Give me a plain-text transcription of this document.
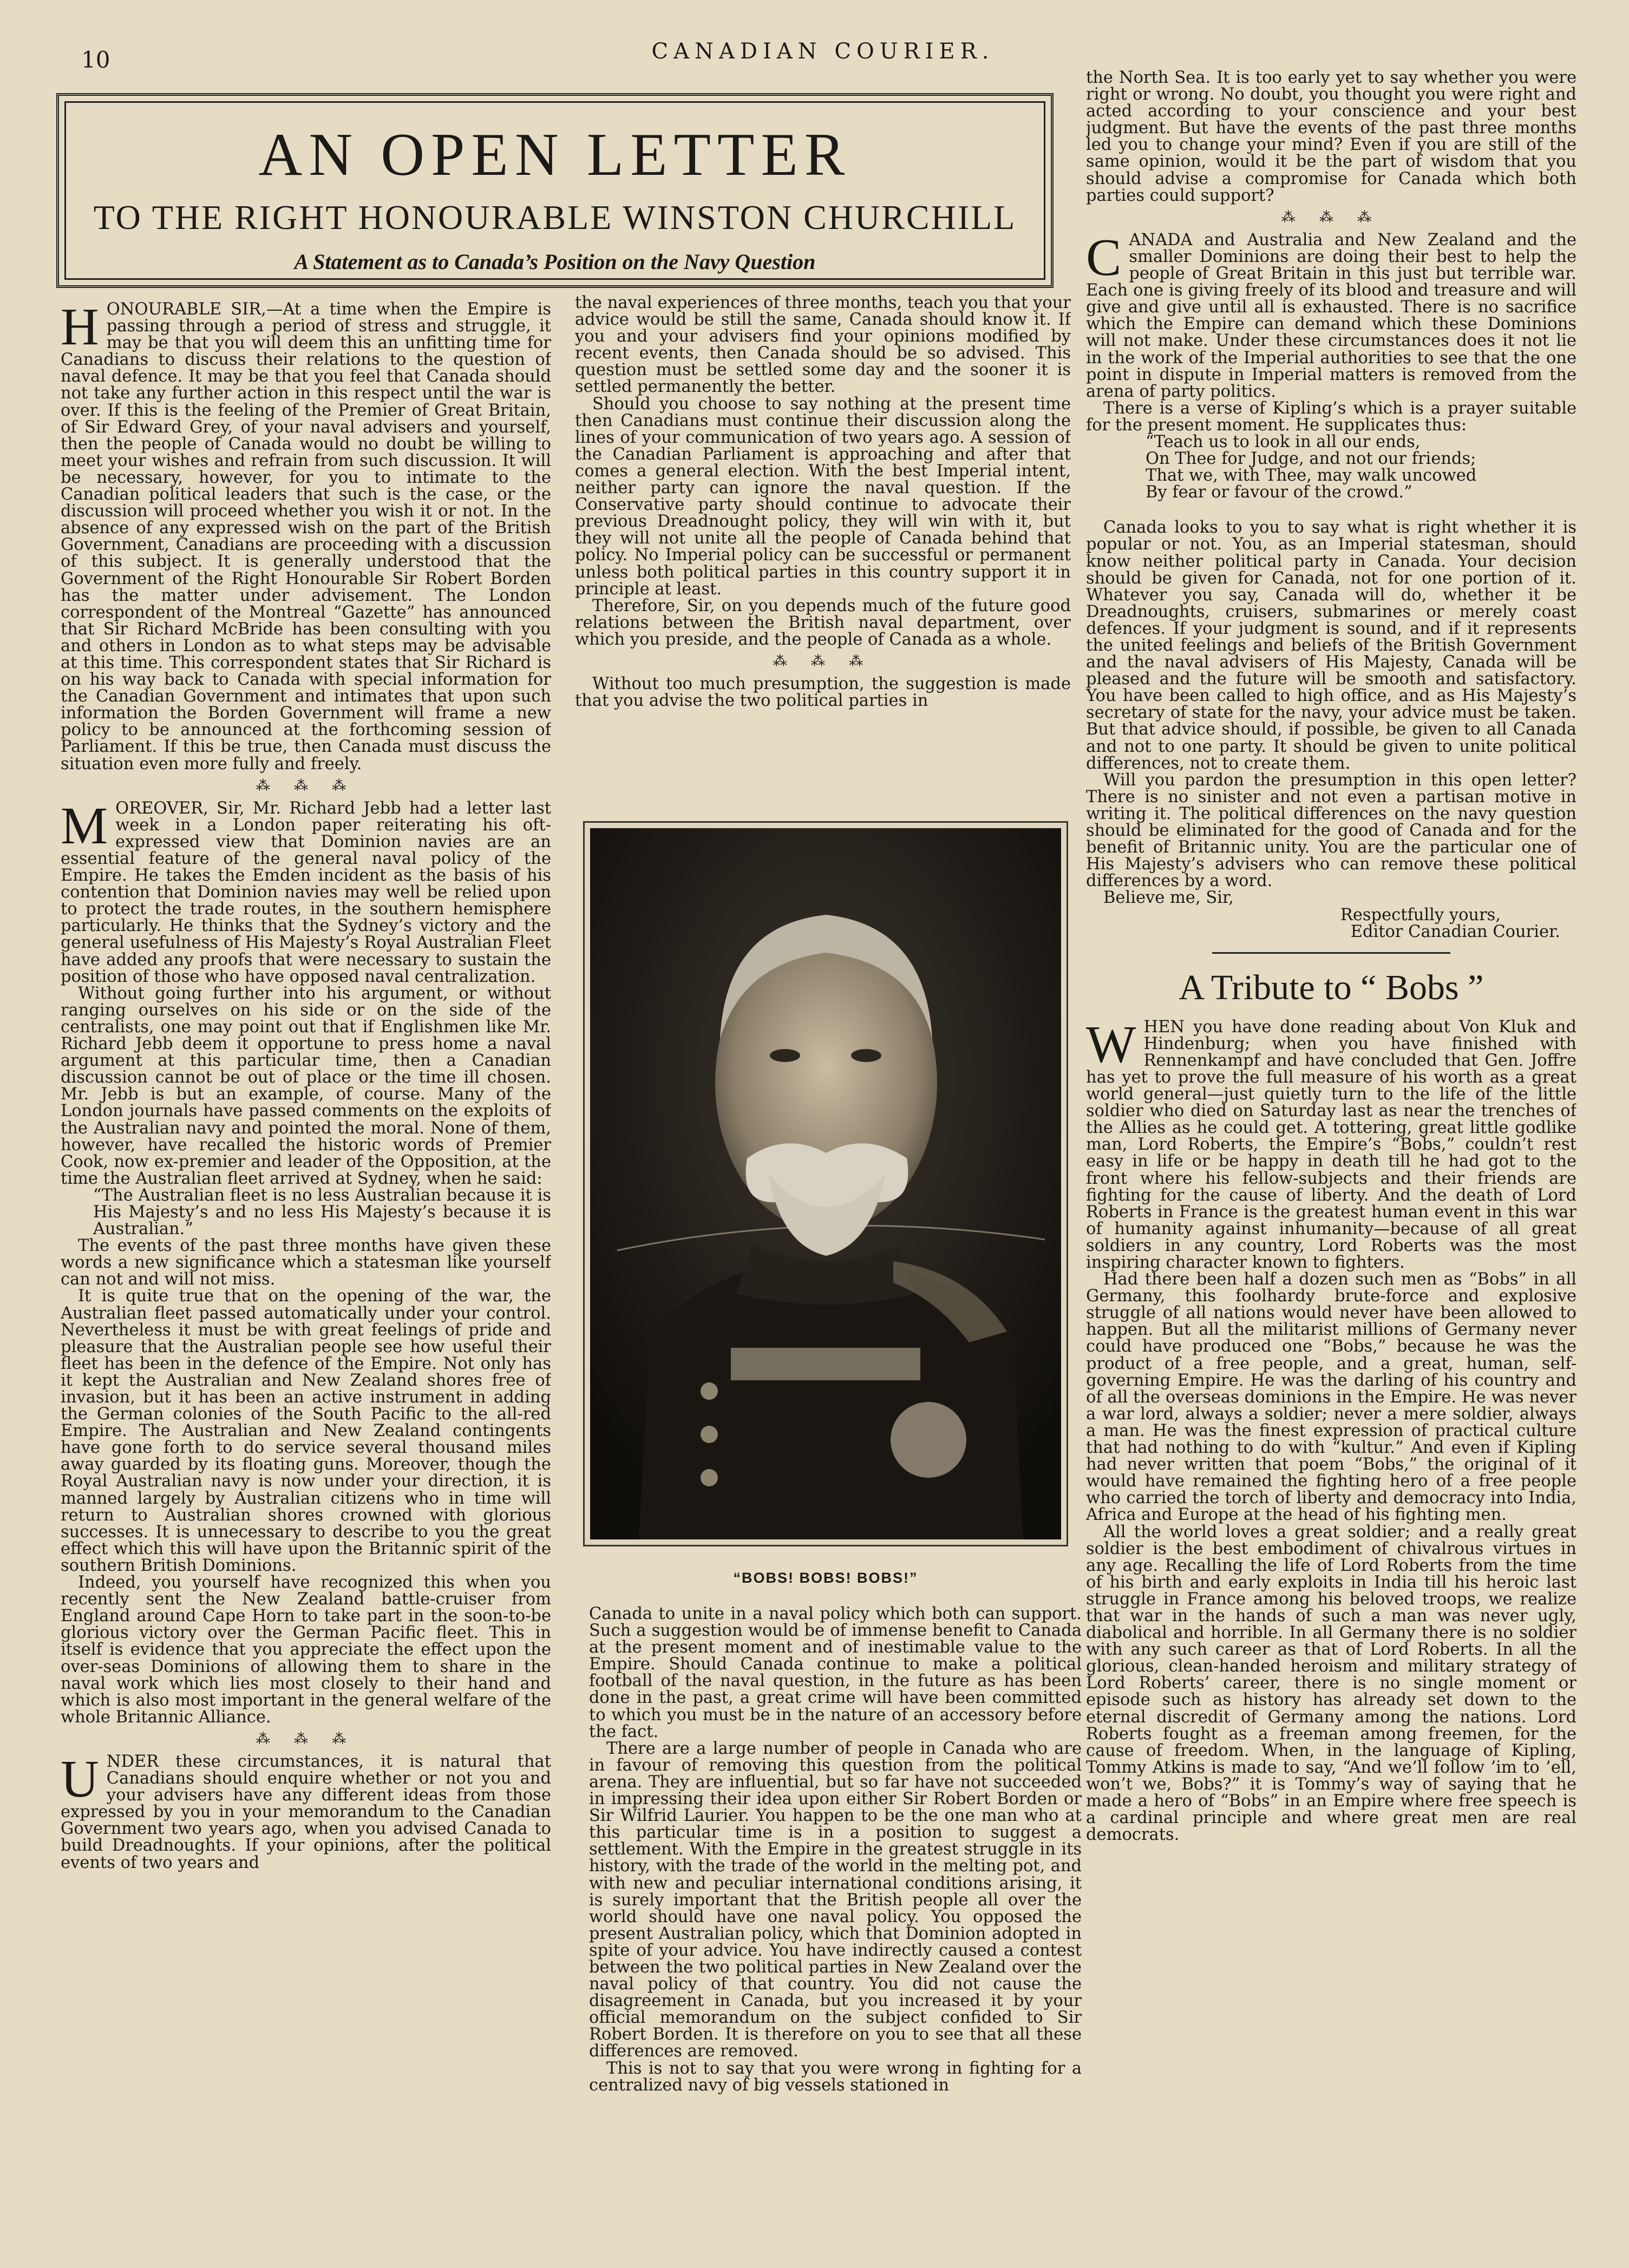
10	CANADIAN COURIER.
AN OPEN LETTER
TO THE RIGHT HONOURABLE WINSTON CHURCHILL
A Statement as to Canada’s Position on the Navy Question

HONOURABLE SIR,—At a time when the Empire is passing through a period of stress and struggle, it may be that you will deem this an unfitting time for Canadians to discuss their relations to the question of naval defence. It may be that you feel that Canada should not take any further action in this respect until the war is over. If this is the feeling of the Premier of Great Britain, of Sir Edward Grey, of your naval advisers and yourself, then the people of Canada would no doubt be willing to meet your wishes and refrain from such discussion. It will be necessary, however, for you to intimate to the Canadian political leaders that such is the case, or the discussion will proceed whether you wish it or not. In the absence of any expressed wish on the part of the British Government, Canadians are proceeding with a discussion of this subject. It is generally understood that the Government of the Right Honourable Sir Robert Borden has the matter under advisement. The London correspondent of the Montreal “Gazette” has announced that Sir Richard McBride has been consulting with you and others in London as to what steps may be advisable at this time. This correspondent states that Sir Richard is on his way back to Canada with special information for the Canadian Government and intimates that upon such information the Borden Government will frame a new policy to be announced at the forthcoming session of Parliament. If this be true, then Canada must discuss the situation even more fully and freely.

⁂ ⁂ ⁂

MOREOVER, Sir, Mr. Richard Jebb had a letter last week in a London paper reiterating his oft-expressed view that Dominion navies are an essential feature of the general naval policy of the Empire. He takes the Emden incident as the basis of his contention that Dominion navies may well be relied upon to protect the trade routes, in the southern hemisphere particularly. He thinks that the Sydney’s victory and the general usefulness of His Majesty’s Royal Australian Fleet have added any proofs that were necessary to sustain the position of those who have opposed naval centralization.

Without going further into his argument, or without ranging ourselves on his side or on the side of the centralists, one may point out that if Englishmen like Mr. Richard Jebb deem it opportune to press home a naval argument at this particular time, then a Canadian discussion cannot be out of place or the time ill chosen. Mr. Jebb is but an example, of course. Many of the London journals have passed comments on the exploits of the Australian navy and pointed the moral. None of them, however, have recalled the historic words of Premier Cook, now ex-premier and leader of the Opposition, at the time the Australian fleet arrived at Sydney, when he said:

“The Australian fleet is no less Australian because it is His Majesty’s and no less His Majesty’s because it is Australian.”

The events of the past three months have given these words a new significance which a statesman like yourself can not and will not miss.

It is quite true that on the opening of the war, the Australian fleet passed automatically under your control. Nevertheless it must be with great feelings of pride and pleasure that the Australian people see how useful their fleet has been in the defence of the Empire. Not only has it kept the Australian and New Zealand shores free of invasion, but it has been an active instrument in adding the German colonies of the South Pacific to the all-red Empire. The Australian and New Zealand contingents have gone forth to do service several thousand miles away guarded by its floating guns. Moreover, though the Royal Australian navy is now under your direction, it is manned largely by Australian citizens who in time will return to Australian shores crowned with glorious successes. It is unnecessary to describe to you the great effect which this will have upon the Britannic spirit of the southern British Dominions.

Indeed, you yourself have recognized this when you recently sent the New Zealand battle-cruiser from England around Cape Horn to take part in the soon-to-be glorious victory over the German Pacific fleet. This in itself is evidence that you appreciate the effect upon the over-seas Dominions of allowing them to share in the naval work which lies most closely to their hand and which is also most important in the general welfare of the whole Britannic Alliance.

⁂ ⁂ ⁂

UNDER these circumstances, it is natural that Canadians should enquire whether or not you and your advisers have any different ideas from those expressed by you in your memorandum to the Canadian Government two years ago, when you advised Canada to build Dreadnoughts. If your opinions, after the political events of two years and

the naval experiences of three months, teach you that your advice would be still the same, Canada should know it. If you and your advisers find your opinions modified by recent events, then Canada should be so advised. This question must be settled some day and the sooner it is settled permanently the better.

Should you choose to say nothing at the present time then Canadians must continue their discussion along the lines of your communication of two years ago. A session of the Canadian Parliament is approaching and after that comes a general election. With the best Imperial intent, neither party can ignore the naval question. If the Conservative party should continue to advocate their previous Dreadnought policy, they will win with it, but they will not unite all the people of Canada behind that policy. No Imperial policy can be successful or permanent unless both political parties in this country support it in principle at least.

Therefore, Sir, on you depends much of the future good relations between the British naval department, over which you preside, and the people of Canada as a whole.

⁂ ⁂ ⁂

Without too much presumption, the suggestion is made that you advise the two political parties in

“BOBS! BOBS! BOBS!”

Canada to unite in a naval policy which both can support. Such a suggestion would be of immense benefit to Canada at the present moment and of inestimable value to the Empire. Should Canada continue to make a political football of the naval question, in the future as has been done in the past, a great crime will have been committed to which you must be in the nature of an accessory before the fact.

There are a large number of people in Canada who are in favour of removing this question from the political arena. They are influential, but so far have not succeeded in impressing their idea upon either Sir Robert Borden or Sir Wilfrid Laurier. You happen to be the one man who at this particular time is in a position to suggest a settlement. With the Empire in the greatest struggle in its history, with the trade of the world in the melting pot, and with new and peculiar international conditions arising, it is surely important that the British people all over the world should have one naval policy. You opposed the present Australian policy, which that Dominion adopted in spite of your advice. You have indirectly caused a contest between the two political parties in New Zealand over the naval policy of that country. You did not cause the disagreement in Canada, but you increased it by your official memorandum on the subject confided to Sir Robert Borden. It is therefore on you to see that all these differences are removed.

This is not to say that you were wrong in fighting for a centralized navy of big vessels stationed in

the North Sea. It is too early yet to say whether you were right or wrong. No doubt, you thought you were right and acted according to your conscience and your best judgment. But have the events of the past three months led you to change your mind? Even if you are still of the same opinion, would it be the part of wisdom that you should advise a compromise for Canada which both parties could support?

⁂ ⁂ ⁂

CANADA and Australia and New Zealand and the smaller Dominions are doing their best to help the people of Great Britain in this just but terrible war. Each one is giving freely of its blood and treasure and will give and give until all is exhausted. There is no sacrifice which the Empire can demand which these Dominions will not make. Under these circumstances does it not lie in the work of the Imperial authorities to see that the one point in dispute in Imperial matters is removed from the arena of party politics.

There is a verse of Kipling’s which is a prayer suitable for the present moment. He supplicates thus:

“Teach us to look in all our ends,

On Thee for Judge, and not our friends;

That we, with Thee, may walk uncowed

By fear or favour of the crowd.”

Canada looks to you to say what is right whether it is popular or not. You, as an Imperial statesman, should know neither political party in Canada. Your decision should be given for Canada, not for one portion of it. Whatever you say, Canada will do, whether it be Dreadnoughts, cruisers, submarines or merely coast defences. If your judgment is sound, and if it represents the united feelings and beliefs of the British Government and the naval advisers of His Majesty, Canada will be pleased and the future will be smooth and satisfactory. You have been called to high office, and as His Majesty’s secretary of state for the navy, your advice must be taken. But that advice should, if possible, be given to all Canada and not to one party. It should be given to unite political differences, not to create them.

Will you pardon the presumption in this open letter? There is no sinister and not even a partisan motive in writing it. The political differences on the navy question should be eliminated for the good of Canada and for the benefit of Britannic unity. You are the particular one of His Majesty’s advisers who can remove these political differences by a word.

Believe me, Sir,

Respectfully yours,

Editor Canadian Courier.

A Tribute to “ Bobs ”

WHEN you have done reading about Von Kluk and Hindenburg; when you have finished with Rennenkampf and have concluded that Gen. Joffre has yet to prove the full measure of his worth as a great world general—just quietly turn to the life of the little soldier who died on Saturday last as near the trenches of the Allies as he could get. A tottering, great little godlike man, Lord Roberts, the Empire’s “Bobs,” couldn’t rest easy in life or be happy in death till he had got to the front where his fellow-subjects and their friends are fighting for the cause of liberty. And the death of Lord Roberts in France is the greatest human event in this war of humanity against inhumanity—because of all great soldiers in any country, Lord Roberts was the most inspiring character known to fighters.

Had there been half a dozen such men as “Bobs” in all Germany, this foolhardy brute-force and explosive struggle of all nations would never have been allowed to happen. But all the militarist millions of Germany never could have produced one “Bobs,” because he was the product of a free people, and a great, human, self-governing Empire. He was the darling of his country and of all the overseas dominions in the Empire. He was never a war lord, always a soldier; never a mere soldier, always a man. He was the finest expression of practical culture that had nothing to do with “kultur.” And even if Kipling had never written that poem “Bobs,” the original of it would have remained the fighting hero of a free people who carried the torch of liberty and democracy into India, Africa and Europe at the head of his fighting men.

All the world loves a great soldier; and a really great soldier is the best embodiment of chivalrous virtues in any age. Recalling the life of Lord Roberts from the time of his birth and early exploits in India till his heroic last struggle in France among his beloved troops, we realize that war in the hands of such a man was never ugly, diabolical and horrible. In all Germany there is no soldier with any such career as that of Lord Roberts. In all the glorious, clean-handed heroism and military strategy of Lord Roberts’ career, there is no single moment or episode such as history has already set down to the eternal discredit of Germany among the nations. Lord Roberts fought as a freeman among freemen, for the cause of freedom. When, in the language of Kipling, Tommy Atkins is made to say, “And we’ll follow ’im to ’ell, won’t we, Bobs?” it is Tommy’s way of saying that he made a hero of “Bobs” in an Empire where free speech is a cardinal principle and where great men are real democrats.
